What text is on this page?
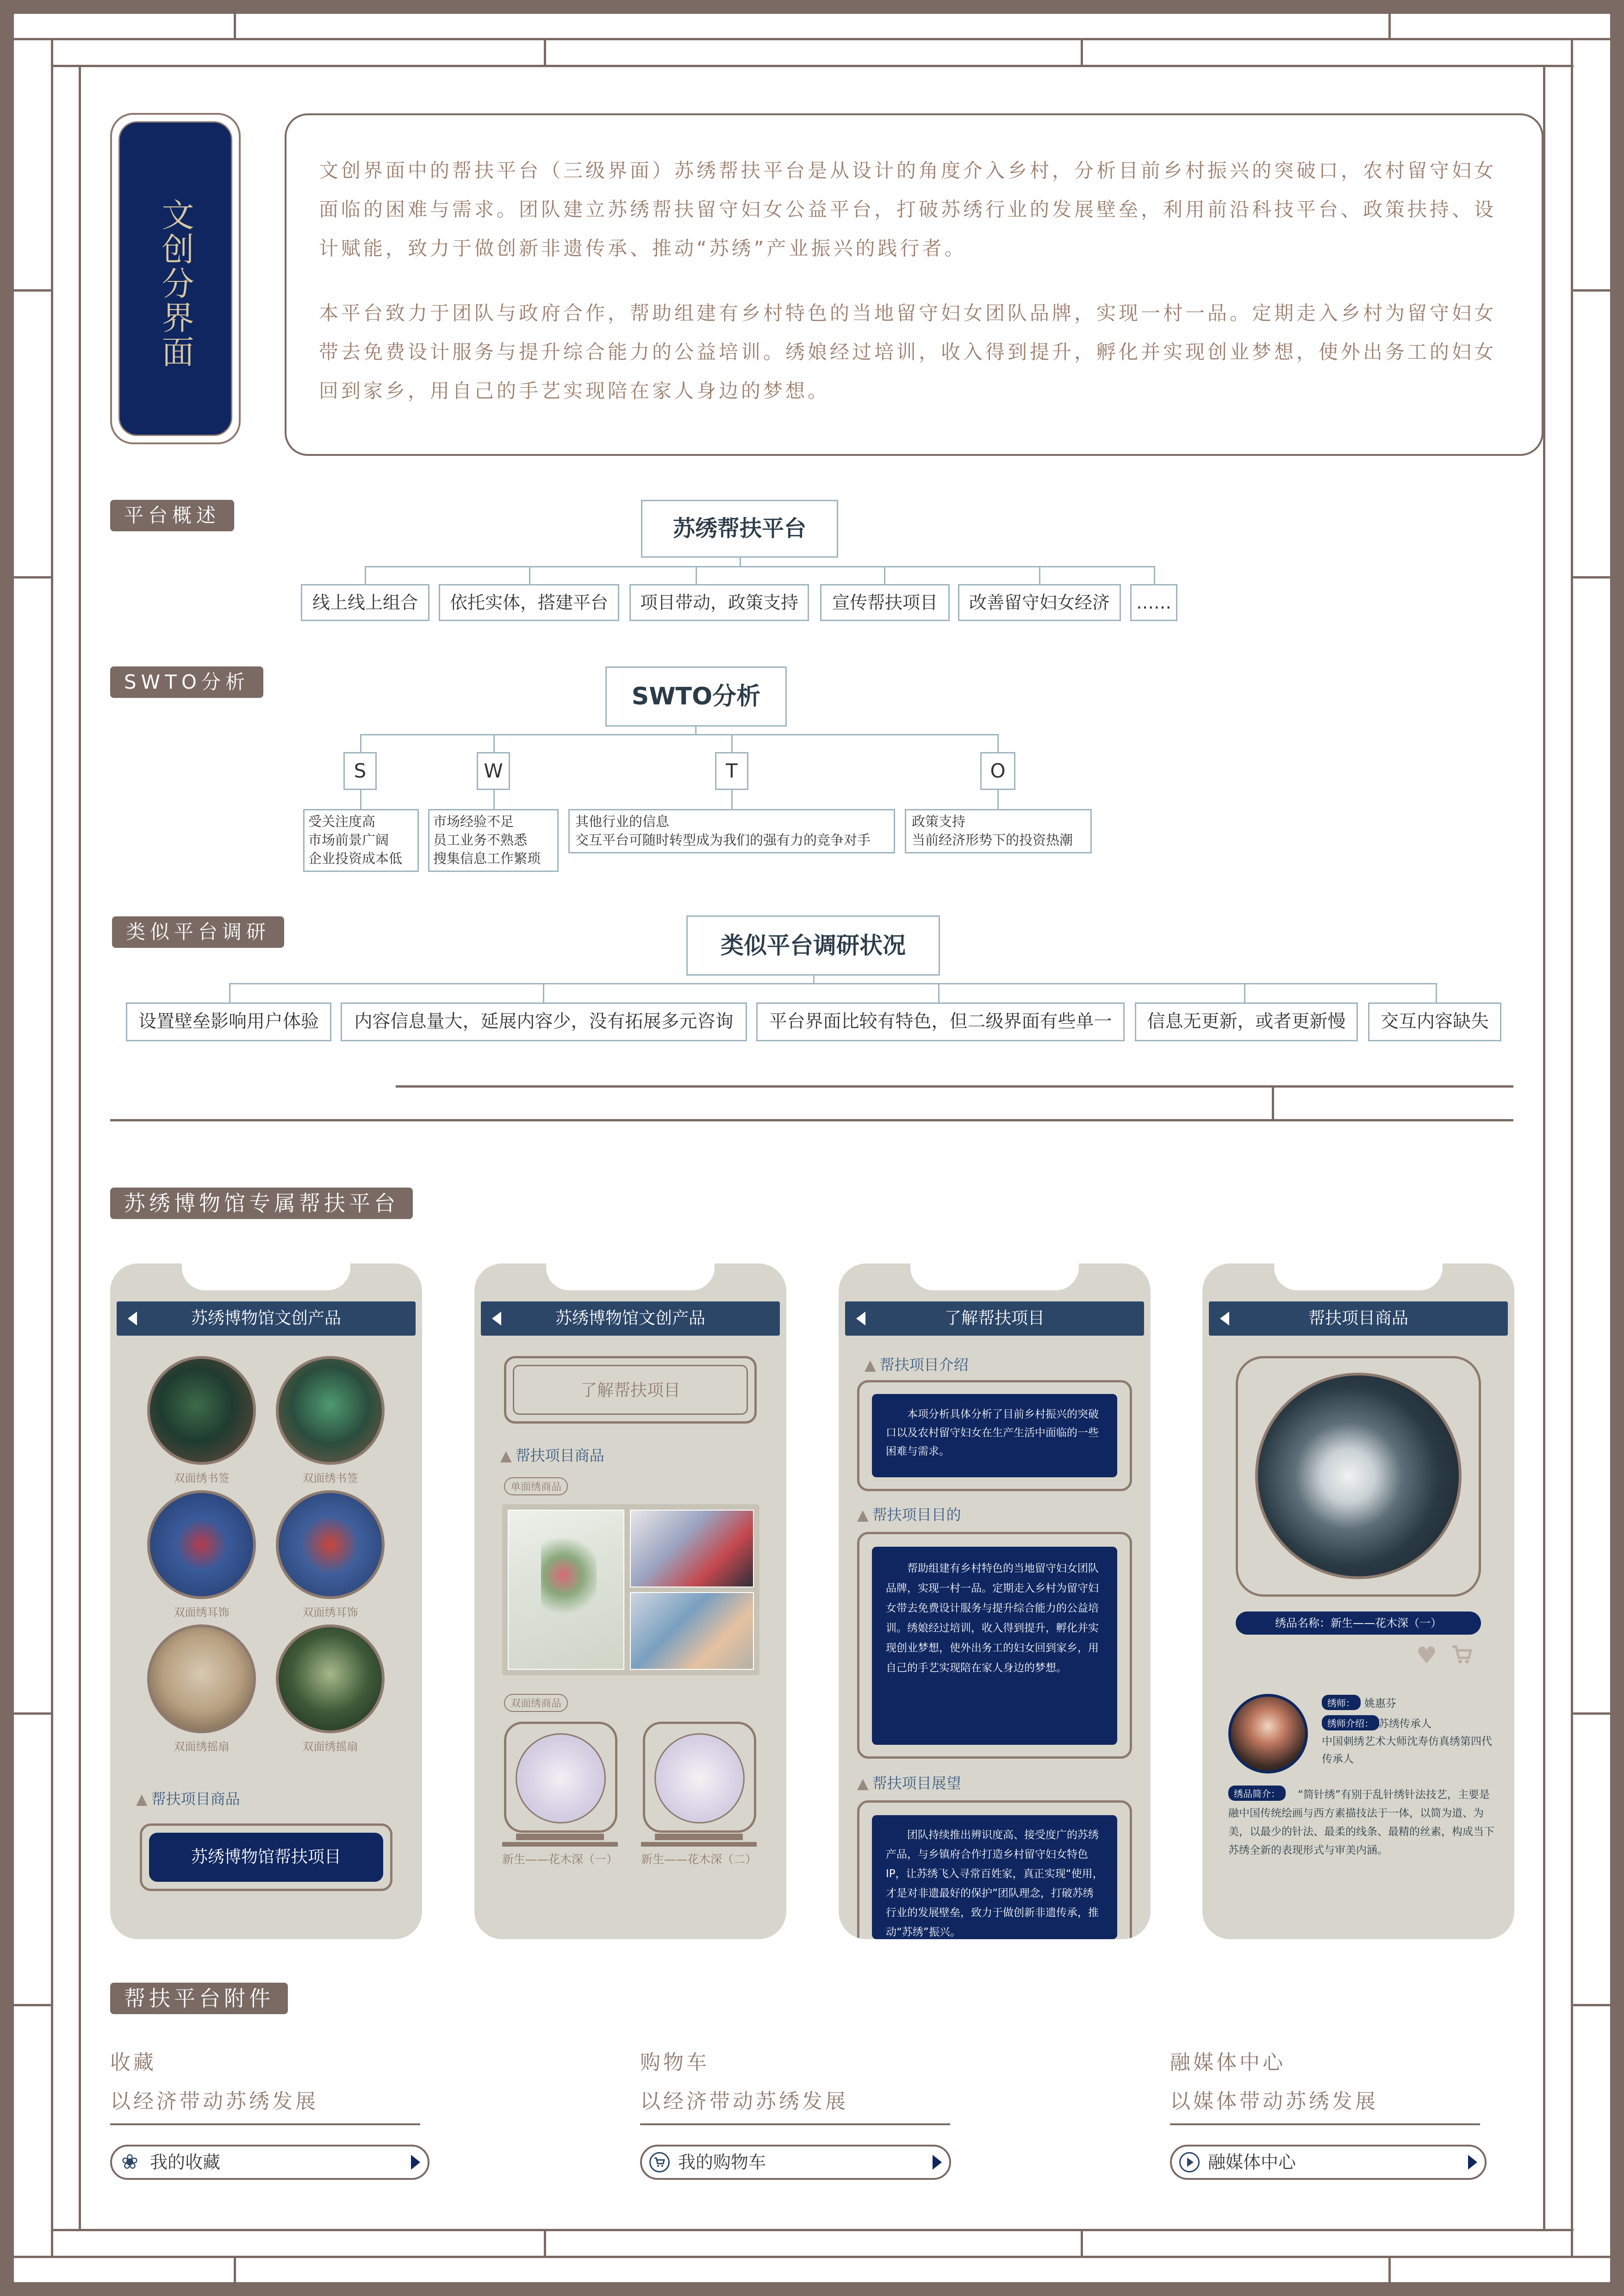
文创分界面

文创界面中的帮扶平台（三级界面）苏绣帮扶平台是从设计的角度介入乡村，分析目前乡村振兴的突破口，农村留守妇女面临的困难与需求。团队建立苏绣帮扶留守妇女公益平台，打破苏绣行业的发展壁垒，利用前沿科技平台、政策扶持、设计赋能，致力于做创新非遗传承、推动“苏绣”产业振兴的践行者。

本平台致力于团队与政府合作，帮助组建有乡村特色的当地留守妇女团队品牌，实现一村一品。定期走入乡村为留守妇女带去免费设计服务与提升综合能力的公益培训。绣娘经过培训，收入得到提升，孵化并实现创业梦想，使外出务工的妇女回到家乡，用自己的手艺实现陪在家人身边的梦想。

平台概述
苏绣帮扶平台
线上线上组合	依托实体，搭建平台	项目带动，政策支持	宣传帮扶项目	改善留守妇女经济	……
SWTO分析
SWTO分析
S	W	T	O
受关注度高
市场前景广阔
企业投资成本低
市场经验不足
员工业务不熟悉
搜集信息工作繁琐
其他行业的信息
交互平台可随时转型成为我们的强有力的竞争对手
政策支持
当前经济形势下的投资热潮
类似平台调研
类似平台调研状况
设置壁垒影响用户体验	内容信息量大，延展内容少，没有拓展多元咨询	平台界面比较有特色，但二级界面有些单一	信息无更新，或者更新慢	交互内容缺失
苏绣博物馆专属帮扶平台
苏绣博物馆文创产品
双面绣书签	双面绣书签
双面绣耳饰	双面绣耳饰
双面绣摇扇	双面绣摇扇
▲ 帮扶项目商品
苏绣博物馆帮扶项目
苏绣博物馆文创产品
了解帮扶项目
▲ 帮扶项目商品
单面绣商品
双面绣商品
新生——花木深（一）	新生——花木深（二）
了解帮扶项目
▲ 帮扶项目介绍
本项分析具体分析了目前乡村振兴的突破口以及农村留守妇女在生产生活中面临的一些困难与需求。
▲ 帮扶项目目的
帮助组建有乡村特色的当地留守妇女团队品牌，实现一村一品。定期走入乡村为留守妇女带去免费设计服务与提升综合能力的公益培训。绣娘经过培训，收入得到提升，孵化并实现创业梦想，使外出务工的妇女回到家乡，用自己的手艺实现陪在家人身边的梦想。
▲ 帮扶项目展望
团队持续推出辨识度高、接受度广的苏绣产品，与乡镇府合作打造乡村留守妇女特色IP，让苏绣飞入寻常百姓家，真正实现“使用，才是对非遗最好的保护”团队理念，打破苏绣行业的发展壁垒，致力于做创新非遗传承，推动“苏绣”振兴。
帮扶项目商品
绣品名称：新生——花木深（一）
♥
绣师： 姚惠芬
绣师介绍： 苏绣传承人
中国刺绣艺术大师沈寿仿真绣第四代传承人
绣品简介：	“简针绣”有别于乱针绣针法技艺，主要是融中国传统绘画与西方素描技法于一体，以简为道、为美，以最少的针法、最柔的线条、最精的丝素，构成当下苏绣全新的表现形式与审美内涵。
帮扶平台附件
收藏
以经济带动苏绣发展
❀ 我的收藏
购物车
以经济带动苏绣发展
我的购物车
融媒体中心
以媒体带动苏绣发展
融媒体中心
